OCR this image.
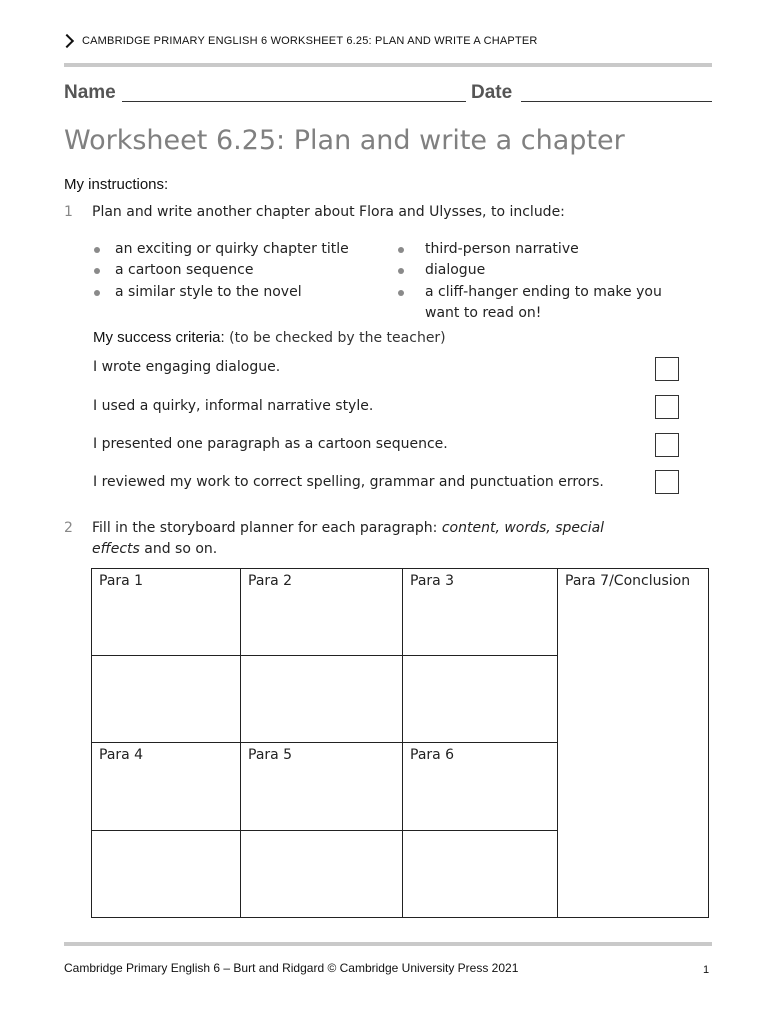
CAMBRIDGE PRIMARY ENGLISH 6 WORKSHEET 6.25: PLAN AND WRITE A CHAPTER
Name	Date
Worksheet 6.25: Plan and write a chapter
My instructions:
1 Plan and write another chapter about Flora and Ulysses, to include:
an exciting or quirky chapter title
a cartoon sequence
a similar style to the novel
third-person narrative
dialogue
a cliff-hanger ending to make you
want to read on!
My success criteria: (to be checked by the teacher)
I wrote engaging dialogue.
I used a quirky, informal narrative style.
I presented one paragraph as a cartoon sequence.
I reviewed my work to correct spelling, grammar and punctuation errors.
2 Fill in the storyboard planner for each paragraph: content, words, special
effects and so on.
Para 1	Para 2	Para 3	Para 7/Conclusion
Para 4	Para 5	Para 6
Cambridge Primary English 6 – Burt and Ridgard © Cambridge University Press 2021	1
